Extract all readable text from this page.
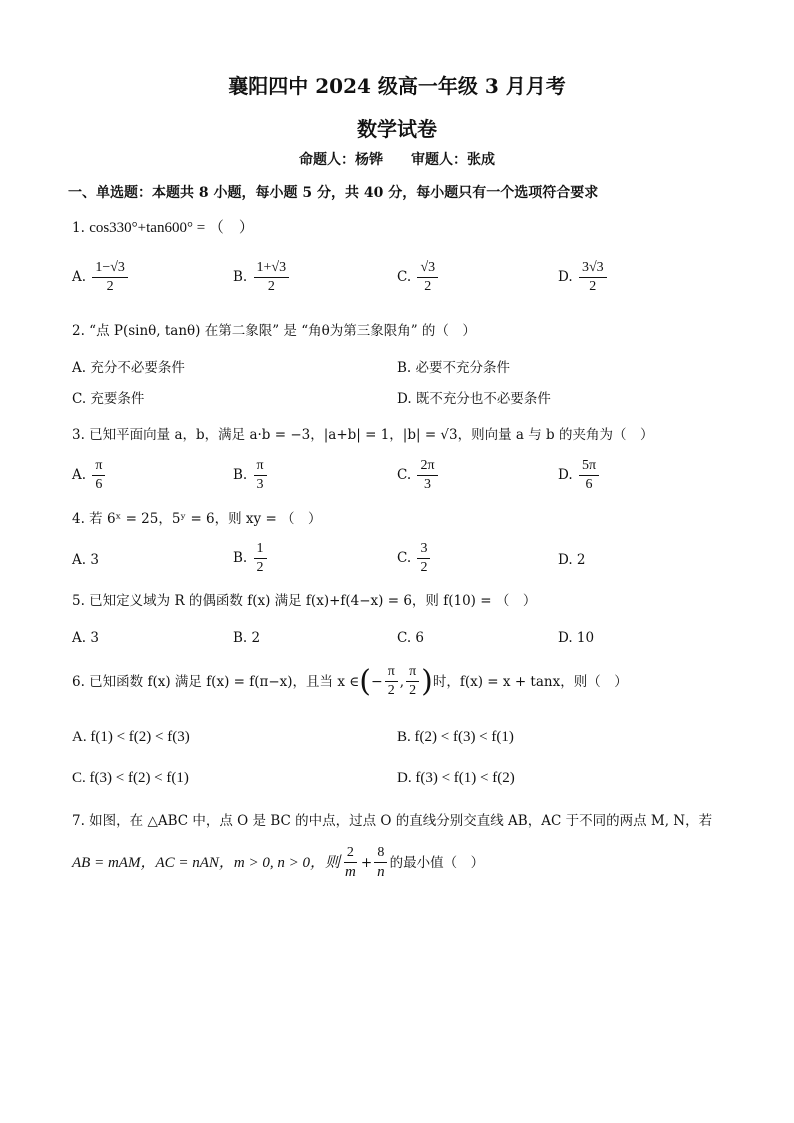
襄阳四中 2024 级高一年级 3 月月考
数学试卷
命题人：杨铧　　审题人：张成
一、单选题：本题共 8 小题，每小题 5 分，共 40 分，每小题只有一个选项符合要求
1. cos330°+tan600° = （　）
A. $\frac{1-√3}{2}$	B. $\frac{1+√3}{2}$	C. $\frac{√3}{2}$	D. $\frac{3√3}{2}$
2. “点 P(sinθ, tanθ) 在第二象限” 是 “角θ为第三象限角” 的（　）
A. 充分不必要条件	B. 必要不充分条件
C. 充要条件	D. 既不充分也不必要条件
3. 已知平面向量 a，b，满足 a·b = −3，|a+b| = 1，|b| = √3，则向量 a 与 b 的夹角为（　）
A. $\frac{\pi}{6}$	B. $\frac{\pi}{3}$	C. $\frac{2\pi}{3}$	D. $\frac{5\pi}{6}$
4. 若 6ˣ = 25，5ʸ = 6，则 xy = （　）
A. 3	B. $\frac{1}{2}$	C. $\frac{3}{2}$	D. 2
5. 已知定义域为 R 的偶函数 f(x) 满足 f(x)+f(4−x) = 6，则 f(10) = （　）
A. 3	B. 2	C. 6	D. 10
6. 已知函数 f(x) 满足 f(x) = f(π−x)，且当 x ∈ ( − $\frac{\pi}{2}$ , $\frac{\pi}{2}$ ) 时，f(x) = x + tanx，则（　）
A. f(1) < f(2) < f(3)	B. f(2) < f(3) < f(1)
C. f(3) < f(2) < f(1)	D. f(3) < f(1) < f(2)
7. 如图，在 △ABC 中，点 O 是 BC 的中点，过点 O 的直线分别交直线 AB，AC 于不同的两点 M, N，若
AB = mAM，AC = nAN，m > 0, n > 0，则 $\frac{2}{m} + \frac{8}{n}$ 的最小值（　）
